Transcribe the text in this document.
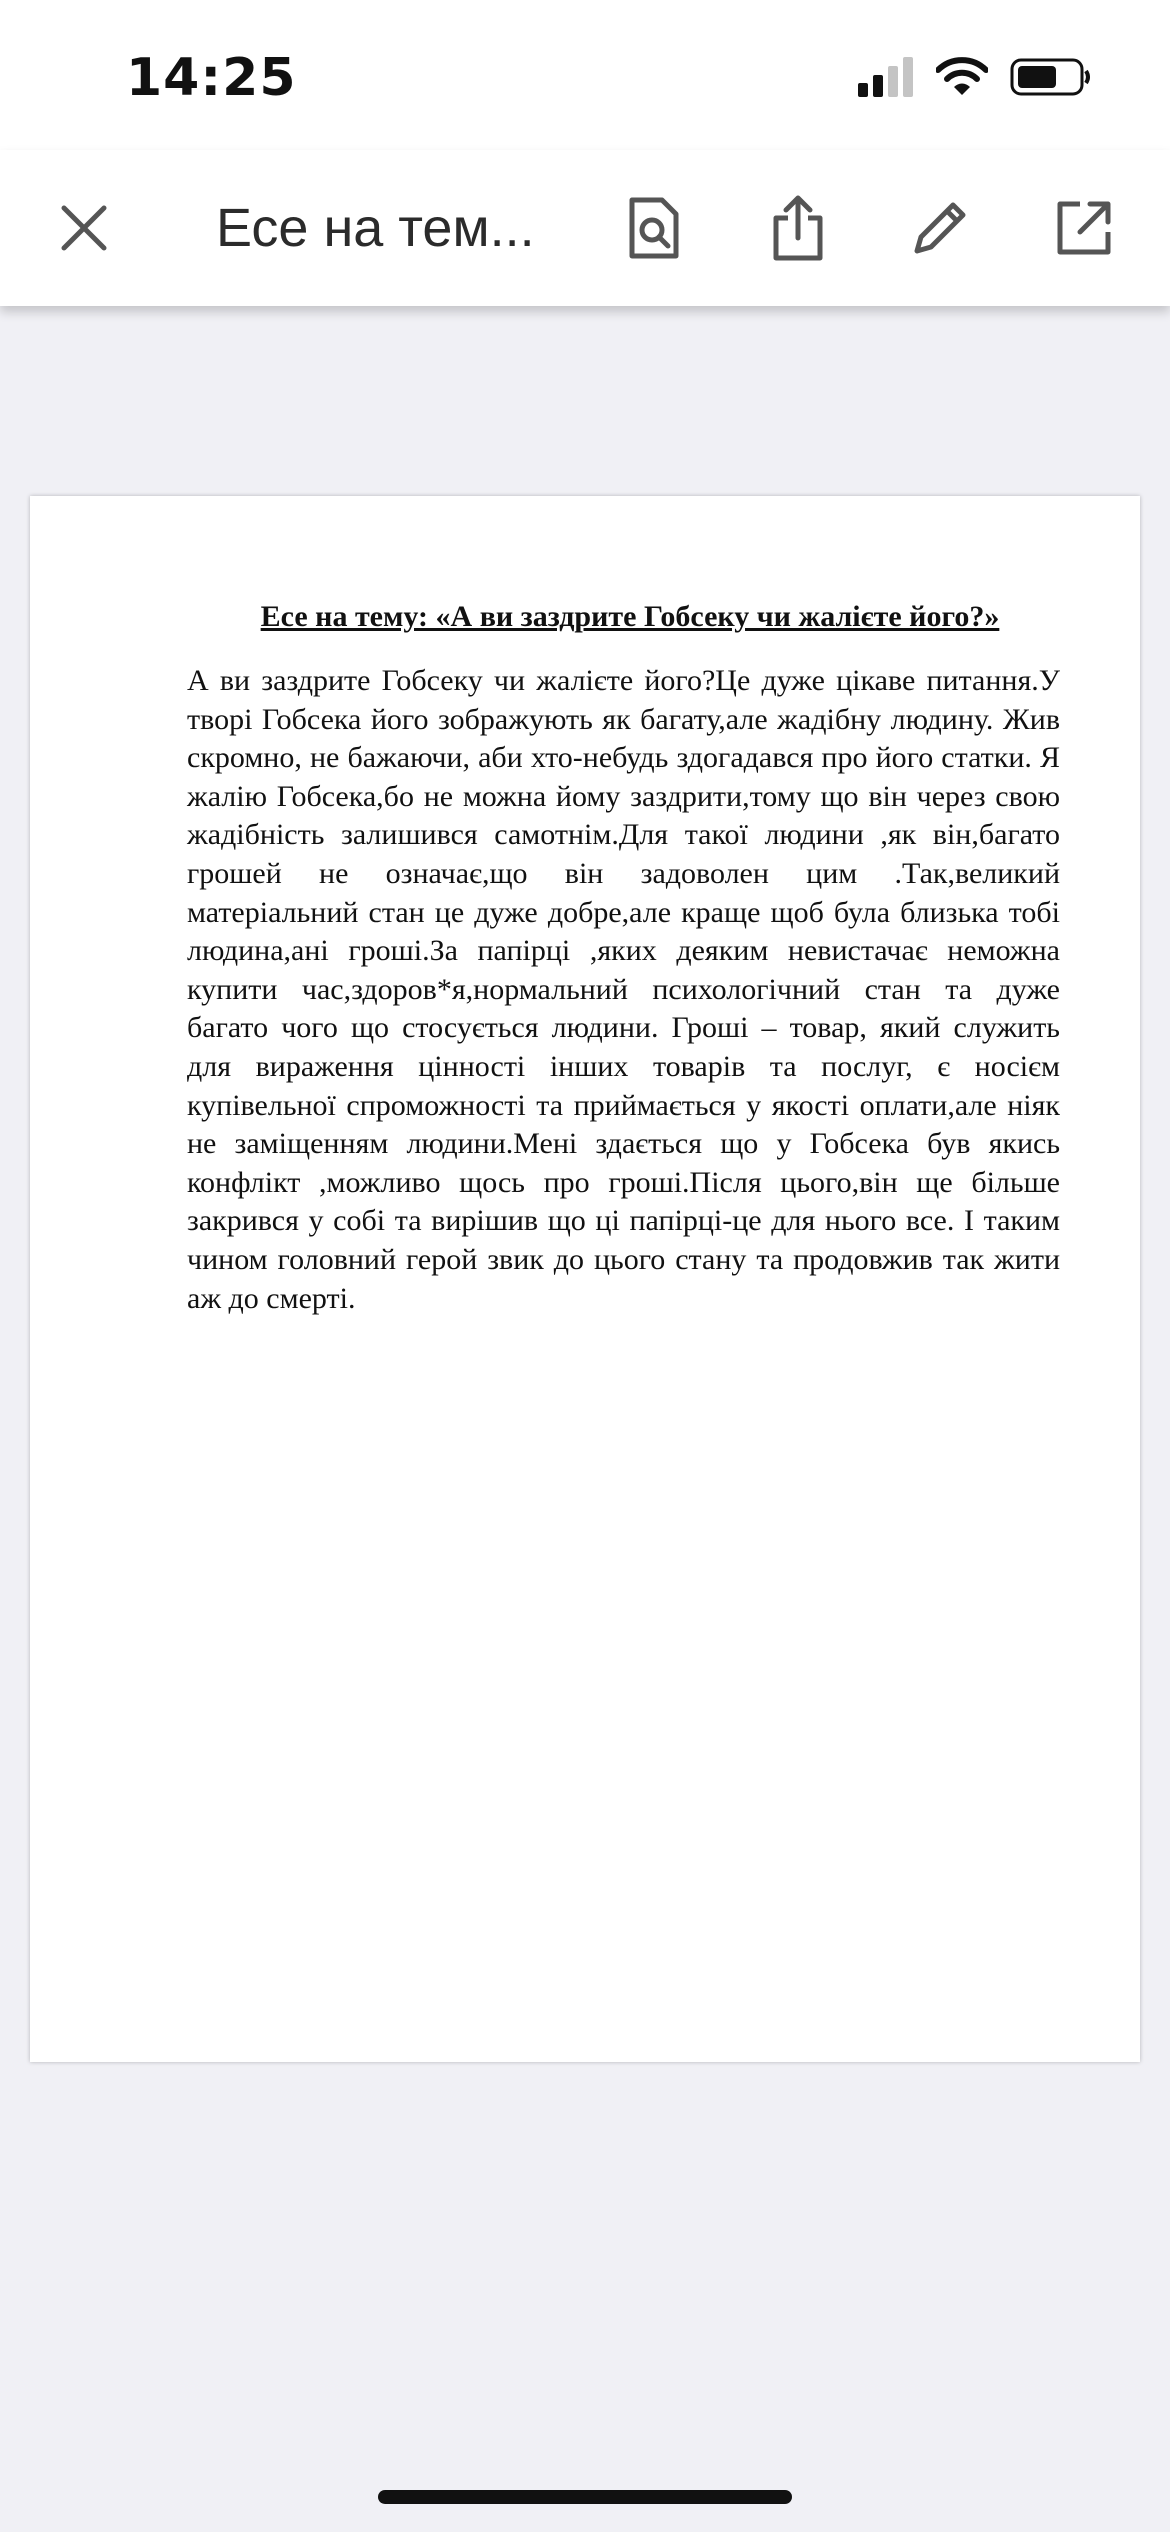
14:25
Есе на тем...
Есе на тему: «А ви заздрите Гобсеку чи жалієте його?»
А ви заздрите Гобсеку чи жалієте його?Це дуже цікаве питання.У творі Гобсека його зображують як багату,але жадібну людину. Жив скромно, не бажаючи, аби хто-небудь здогадався про його статки. Я жалію Гобсека,бо не можна йому заздрити,тому що він через свою жадібність залишився самотнім.Для такої людини ,як він,багато грошей не означає,що він задоволен цим .Так,великий матеріальний стан це дуже добре,але краще щоб була близька тобі людина,ані гроші.За папірці ,яких деяким невистачає неможна купити час,здоров*я,нормальний психологічний стан та дуже багато чого що стосується людини. Гроші – товар, який служить для вираження цінності інших товарів та послуг, є носієм купівельної спроможності та приймається у якості оплати,але ніяк не заміщенням людини.Мені здається що у Гобсека був якись конфлікт ,можливо щось про гроші.Після цього,він ще більше закрився у собі та вирішив що ці папірці-це для нього все. І таким чином головний герой звик до цього стану та продовжив так жити аж до смерті.
